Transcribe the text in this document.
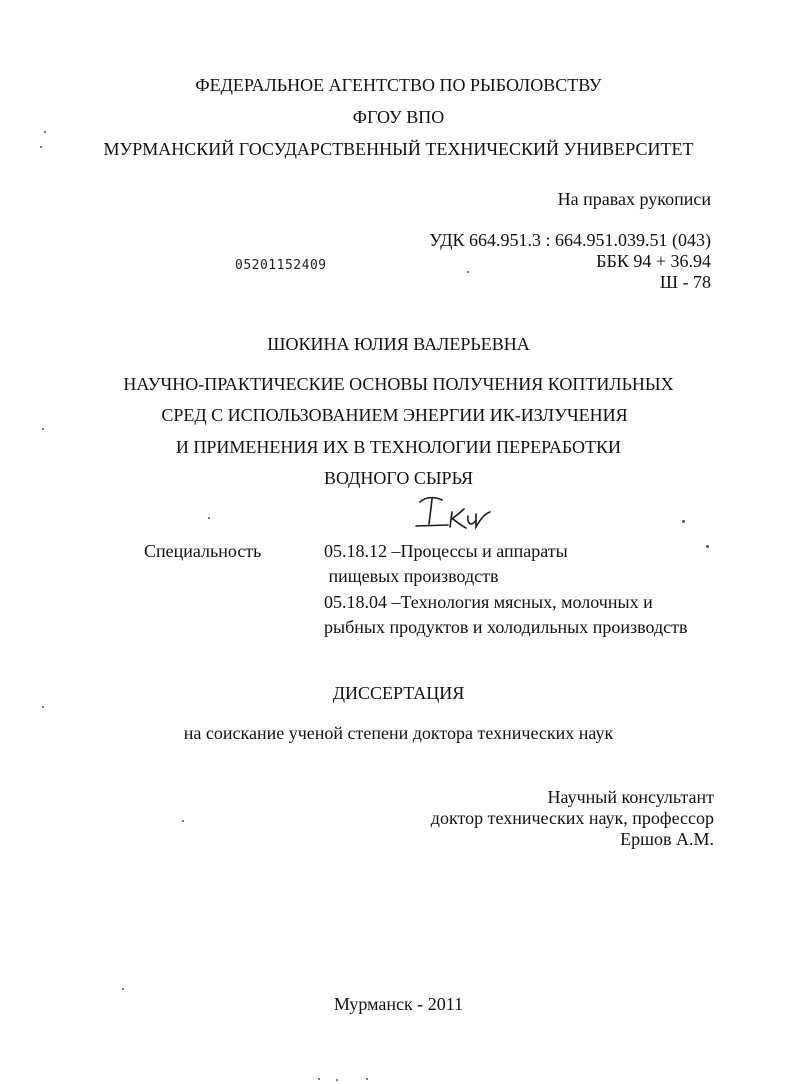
ФЕДЕРАЛЬНОЕ АГЕНТСТВО ПО РЫБОЛОВСТВУ
ФГОУ ВПО
МУРМАНСКИЙ ГОСУДАРСТВЕННЫЙ ТЕХНИЧЕСКИЙ УНИВЕРСИТЕТ
На правах рукописи
УДК 664.951.3 : 664.951.039.51 (043)
ББК 94 + 36.94
Ш - 78
05201152409
ШОКИНА ЮЛИЯ ВАЛЕРЬЕВНА
НАУЧНО-ПРАКТИЧЕСКИЕ ОСНОВЫ ПОЛУЧЕНИЯ КОПТИЛЬНЫХ
СРЕД С ИСПОЛЬЗОВАНИЕМ ЭНЕРГИИ ИК-ИЗЛУЧЕНИЯ
И ПРИМЕНЕНИЯ ИХ В ТЕХНОЛОГИИ ПЕРЕРАБОТКИ
ВОДНОГО СЫРЬЯ
Специальность	05.18.12 –Процессы и аппараты
пищевых производств
05.18.04 –Технология мясных, молочных и
рыбных продуктов и холодильных производств
ДИССЕРТАЦИЯ
на соискание ученой степени доктора технических наук
Научный консультант
доктор технических наук, профессор
Ершов А.М.
Мурманск - 2011
